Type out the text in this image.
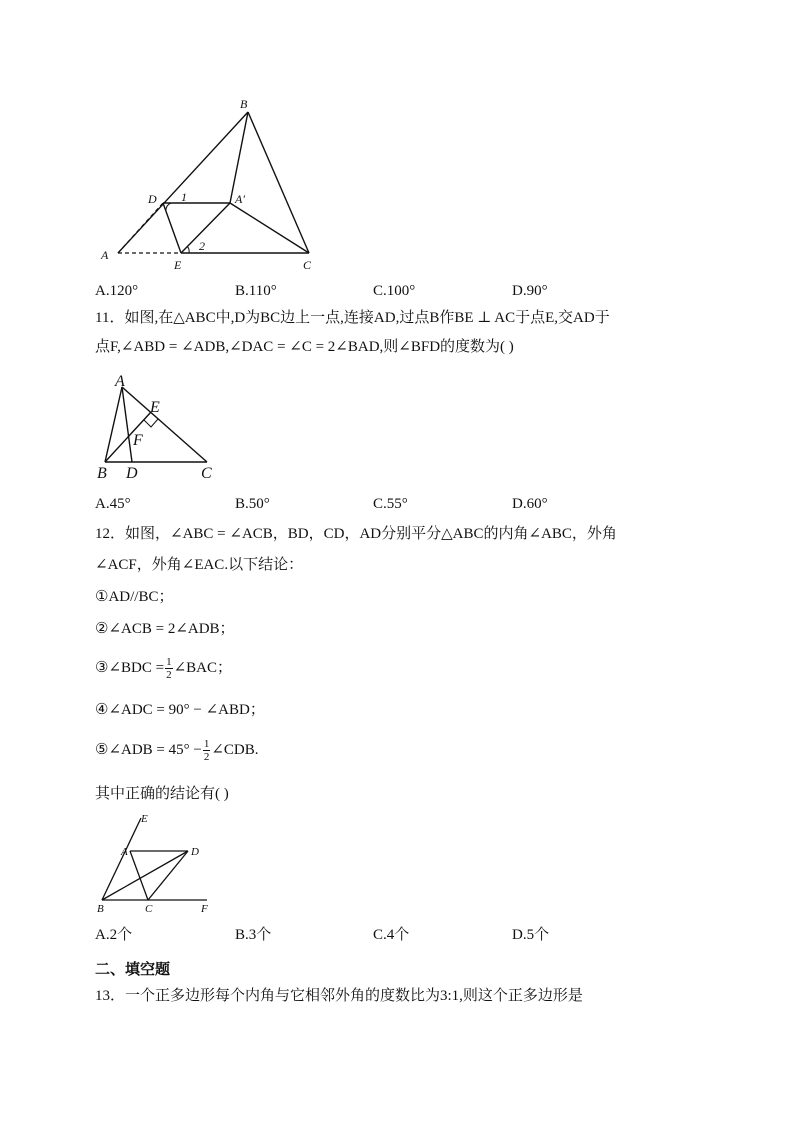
B
D 1	A′
A
2
E	C
A.120°	B.110°	C.100°	D.90°
11．如图,在△ABC中,D为BC边上一点,连接AD,过点B作BE ⊥ AC于点E,交AD于
点F,∠ABD = ∠ADB,∠DAC = ∠C = 2∠BAD,则∠BFD的度数为( )
A
E
F
B D	C
A.45°	B.50°	C.55°	D.60°
12．如图，∠ABC = ∠ACB，BD，CD，AD分别平分△ABC的内角∠ABC，外角
∠ACF，外角∠EAC.以下结论：
①AD//BC；
②∠ACB = 2∠ADB；
③∠BDC = $\frac{1}{2}$ ∠BAC；
④∠ADC = 90° − ∠ABD；
⑤∠ADB = $45^\circ - \frac{1}{2}$ ∠CDB.
其中正确的结论有( )
E
A	D
B	C	F
A.2个	B.3个	C.4个	D.5个
二、填空题
13．一个正多边形每个内角与它相邻外角的度数比为3:1,则这个正多边形是
